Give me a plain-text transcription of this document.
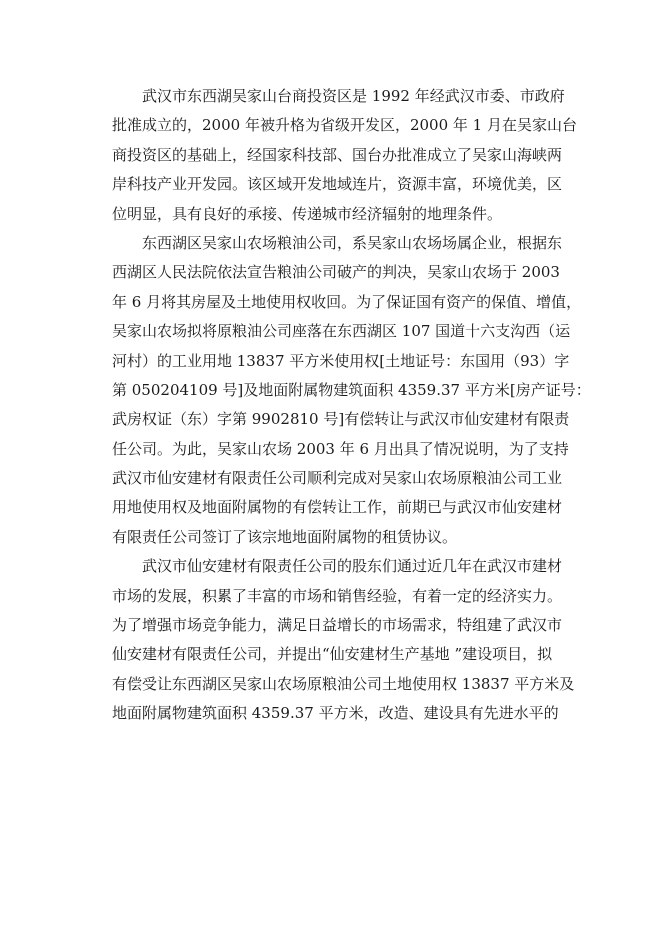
武汉市东西湖吴家山台商投资区是 1992 年经武汉市委、市政府
批准成立的，2000 年被升格为省级开发区，2000 年 1 月在吴家山台
商投资区的基础上，经国家科技部、国台办批准成立了吴家山海峡两
岸科技产业开发园。该区域开发地域连片，资源丰富，环境优美，区
位明显，具有良好的承接、传递城市经济辐射的地理条件。

东西湖区吴家山农场粮油公司，系吴家山农场场属企业，根据东
西湖区人民法院依法宣告粮油公司破产的判决，吴家山农场于 2003
年 6 月将其房屋及土地使用权收回。为了保证国有资产的保值、增值，
吴家山农场拟将原粮油公司座落在东西湖区 107 国道十六支沟西（运
河村）的工业用地 13837 平方米使用权[土地证号：东国用（93）字
第 050204109 号]及地面附属物建筑面积 4359.37 平方米[房产证号：
武房权证（东）字第 9902810 号]有偿转让与武汉市仙安建材有限责
任公司。为此，吴家山农场 2003 年 6 月出具了情况说明，为了支持
武汉市仙安建材有限责任公司顺利完成对吴家山农场原粮油公司工业
用地使用权及地面附属物的有偿转让工作，前期已与武汉市仙安建材
有限责任公司签订了该宗地地面附属物的租赁协议。

武汉市仙安建材有限责任公司的股东们通过近几年在武汉市建材
市场的发展，积累了丰富的市场和销售经验，有着一定的经济实力。
为了增强市场竞争能力，满足日益增长的市场需求，特组建了武汉市
仙安建材有限责任公司，并提出“仙安建材生产基地 ”建设项目，拟
有偿受让东西湖区吴家山农场原粮油公司土地使用权 13837 平方米及
地面附属物建筑面积 4359.37 平方米，改造、建设具有先进水平的
